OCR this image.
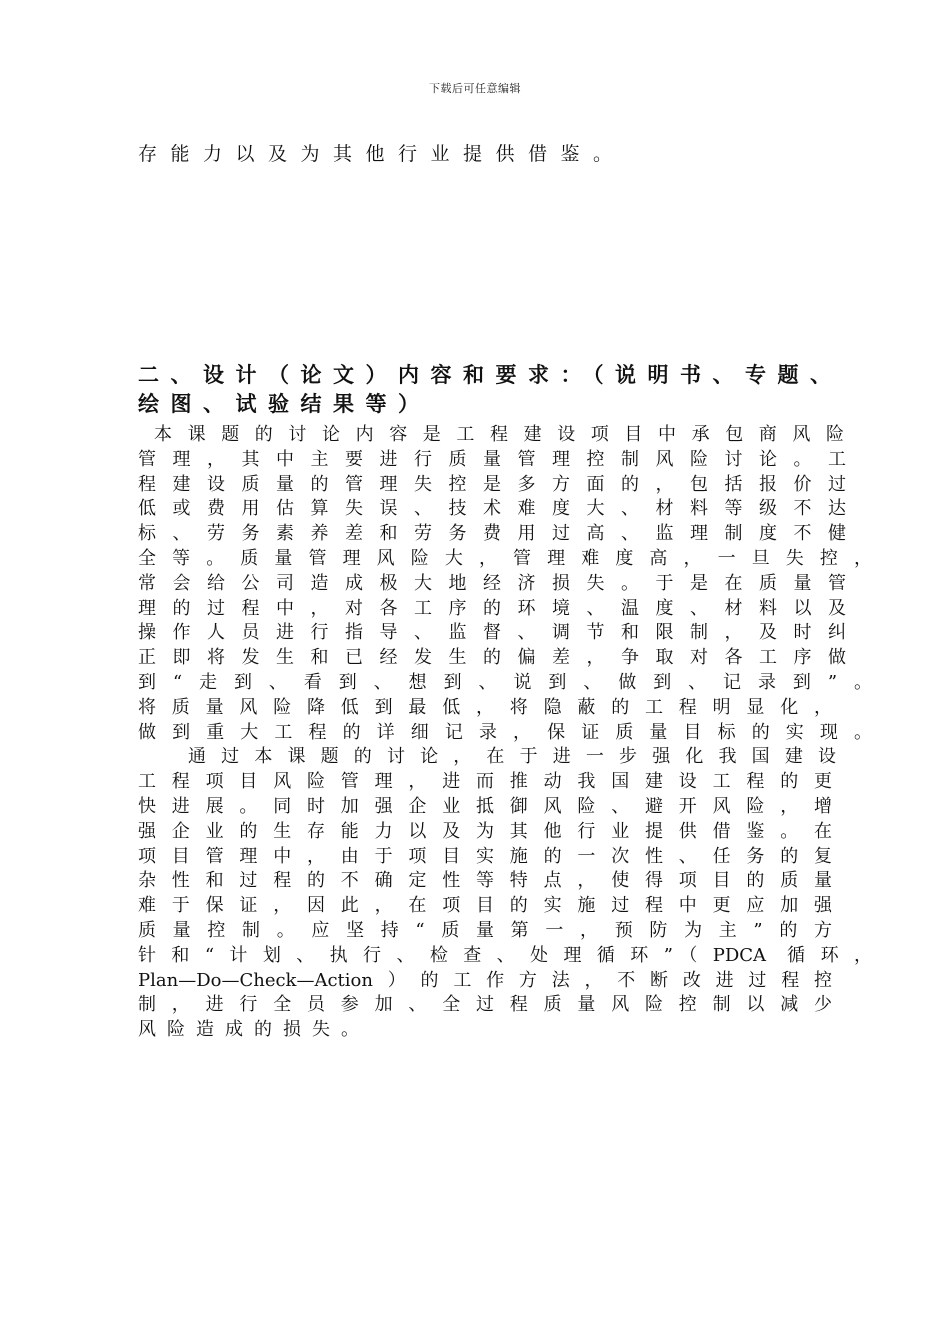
下载后可任意编辑
存能力以及为其他行业提供借鉴。
二、设计（论文）内容和要求：（说明书、专题、
绘图、试验结果等）
本课题的讨论内容是工程建设项目中承包商风险
管理，其中主要进行质量管理控制风险讨论。工
程建设质量的管理失控是多方面的，包括报价过
低或费用估算失误、技术难度大、材料等级不达
标、劳务素养差和劳务费用过高、监理制度不健
全等。质量管理风险大，管理难度高，一旦失控，
常会给公司造成极大地经济损失。于是在质量管
理的过程中，对各工序的环境、温度、材料以及
操作人员进行指导、监督、调节和限制，及时纠
正即将发生和已经发生的偏差，争取对各工序做
到“走到、看到、想到、说到、做到、记录到”。
将质量风险降低到最低，将隐蔽的工程明显化，
做到重大工程的详细记录，保证质量目标的实现。
通过本课题的讨论，在于进一步强化我国建设
工程项目风险管理，进而推动我国建设工程的更
快进展。同时加强企业抵御风险、避开风险，增
强企业的生存能力以及为其他行业提供借鉴。在
项目管理中，由于项目实施的一次性、任务的复
杂性和过程的不确定性等特点，使得项目的质量
难于保证，因此，在项目的实施过程中更应加强
质量控制。应坚持“质量第一，预防为主”的方
针和“计划、执行、检查、处理循环”（PDCA 循环，
Plan—Do—Check—Action）的工作方法，不断改进过程控
制，进行全员参加、全过程质量风险控制以减少
风险造成的损失。
